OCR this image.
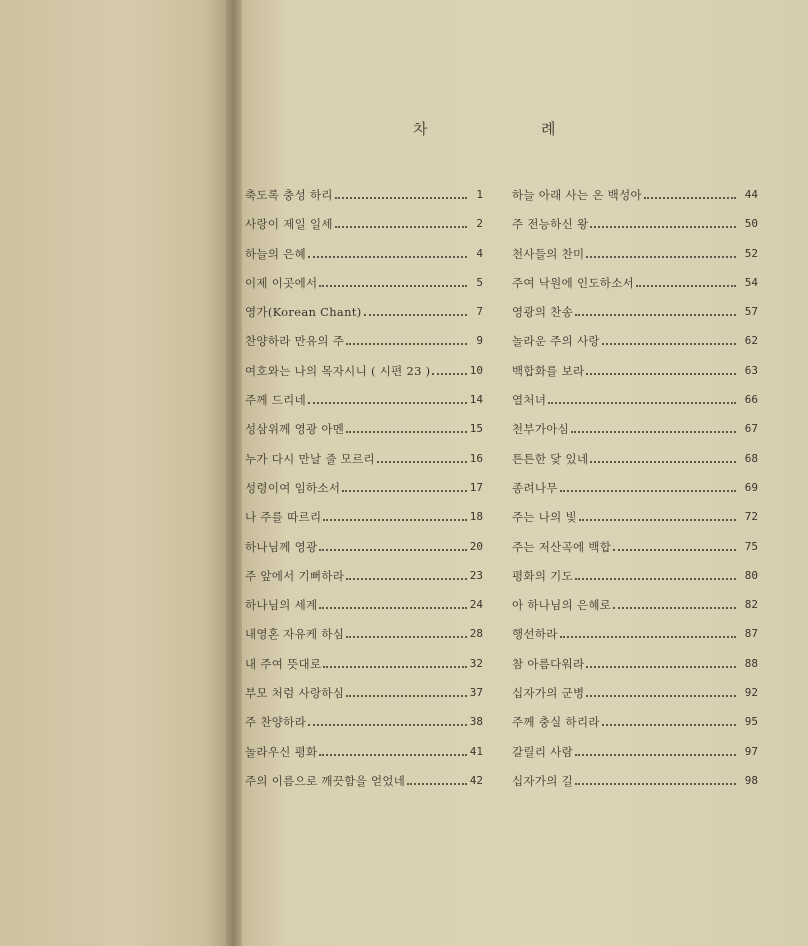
차	례
축도록 충성 하리	1
사랑이 제일 일세	2
하늘의 은혜	4
이제 이곳에서	5
영가(Korean Chant)	7
찬양하라 만유의 주	9
여호와는 나의 목자시니 ( 시편 23 )	10
주께 드리네	14
성삼위께 영광 아멘	15
누가 다시 만날 줄 모르리	16
성령이여 임하소서	17
나 주를 따르리	18
하나님께 영광	20
주 앞에서 기뻐하라	23
하나님의 세계	24
내영혼 자유케 하심	28
내 주여 뜻대로	32
부모 처럼 사랑하심	37
주 찬양하라	38
놀라우신 평화	41
주의 이름으로 깨끗함을 얻었네	42
하늘 아래 사는 온 백성아	44
주 전능하신 왕	50
천사들의 찬미	52
주여 낙원에 인도하소서	54
영광의 찬송	57
놀라운 주의 사랑	62
백합화를 보라	63
열처녀	66
천부가아심	67
튼튼한 닻 있네	68
종려나무	69
주는 나의 빛	72
주는 저산곡에 백합	75
평화의 기도	80
아 하나님의 은혜로	82
행선하라	87
참 아름다워라	88
십자가의 군병	92
주께 충실 하리라	95
갈릴리 사람	97
십자가의 길	98
